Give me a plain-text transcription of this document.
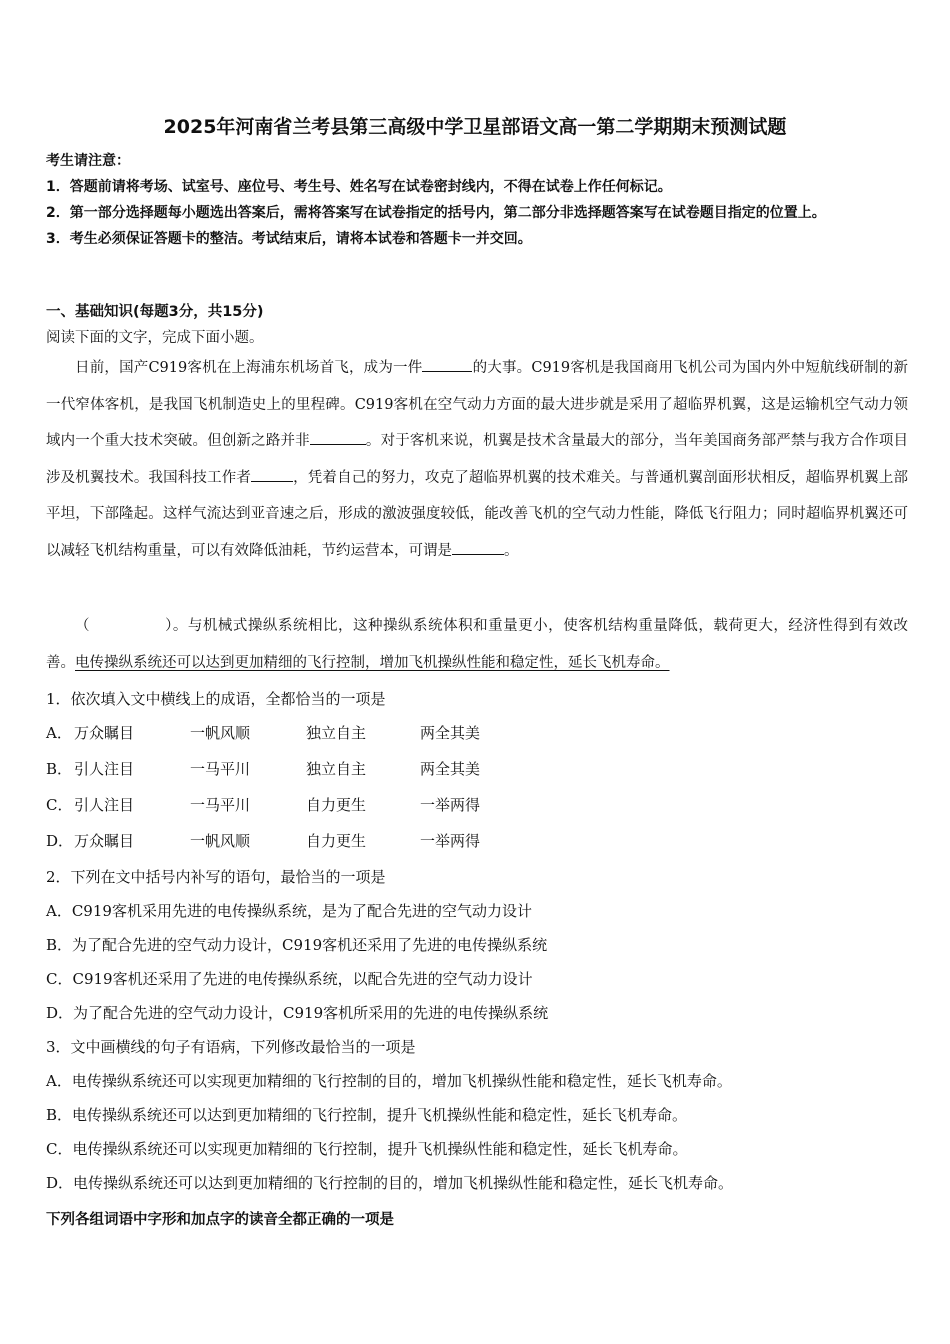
2025年河南省兰考县第三高级中学卫星部语文高一第二学期期末预测试题
考生请注意：
1．答题前请将考场、试室号、座位号、考生号、姓名写在试卷密封线内，不得在试卷上作任何标记。
2．第一部分选择题每小题选出答案后，需将答案写在试卷指定的括号内，第二部分非选择题答案写在试卷题目指定的位置上。
3．考生必须保证答题卡的整洁。考试结束后，请将本试卷和答题卡一并交回。
一、基础知识(每题3分，共15分)
阅读下面的文字，完成下面小题。
日前，国产C919客机在上海浦东机场首飞，成为一件	的大事。C919客机是我国商用飞机公司为国内外中短航线研制的新一代窄体客机，是我国飞机制造史上的里程碑。C919客机在空气动力方面的最大进步就是采用了超临界机翼，这是运输机空气动力领域内一个重大技术突破。但创新之路并非	。对于客机来说，机翼是技术含量最大的部分，当年美国商务部严禁与我方合作项目涉及机翼技术。我国科技工作者	，凭着自己的努力，攻克了超临界机翼的技术难关。与普通机翼剖面形状相反，超临界机翼上部平坦，下部隆起。这样气流达到亚音速之后，形成的激波强度较低，能改善飞机的空气动力性能，降低飞行阻力；同时超临界机翼还可以减轻飞机结构重量，可以有效降低油耗，节约运营本，可谓是	。
（　　　　　）。与机械式操纵系统相比，这种操纵系统体积和重量更小，使客机结构重量降低，载荷更大，经济性得到有效改善。电传操纵系统还可以达到更加精细的飞行控制，增加飞机操纵性能和稳定性，延长飞机寿命。
1．依次填入文中横线上的成语，全都恰当的一项是
A． 万众瞩目	一帆风顺	独立自主	两全其美
B． 引人注目	一马平川	独立自主	两全其美
C． 引人注目	一马平川	自力更生	一举两得
D．万众瞩目	一帆风顺	自力更生	一举两得
2．下列在文中括号内补写的语句，最恰当的一项是
A．C919客机采用先进的电传操纵系统，是为了配合先进的空气动力设计
B．为了配合先进的空气动力设计，C919客机还采用了先进的电传操纵系统
C．C919客机还采用了先进的电传操纵系统，以配合先进的空气动力设计
D．为了配合先进的空气动力设计，C919客机所采用的先进的电传操纵系统
3．文中画横线的句子有语病，下列修改最恰当的一项是
A．电传操纵系统还可以实现更加精细的飞行控制的目的，增加飞机操纵性能和稳定性，延长飞机寿命。
B．电传操纵系统还可以达到更加精细的飞行控制，提升飞机操纵性能和稳定性，延长飞机寿命。
C．电传操纵系统还可以实现更加精细的飞行控制，提升飞机操纵性能和稳定性，延长飞机寿命。
D．电传操纵系统还可以达到更加精细的飞行控制的目的，增加飞机操纵性能和稳定性，延长飞机寿命。
下列各组词语中字形和加点字的读音全都正确的一项是
